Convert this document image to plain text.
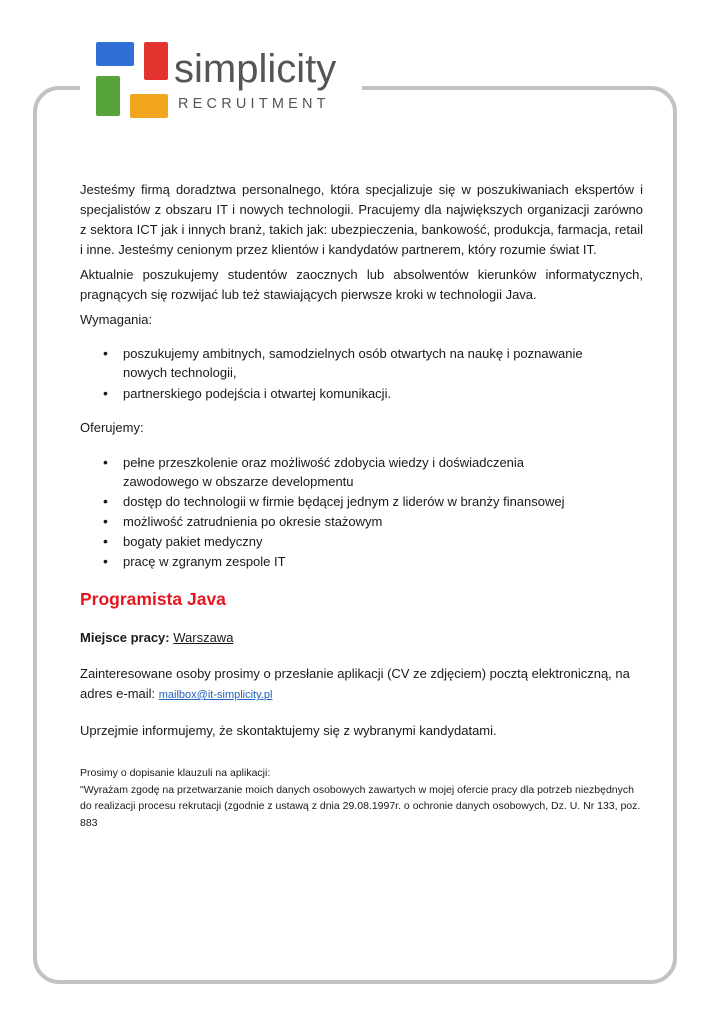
simplicity
RECRUITMENT

Jesteśmy firmą doradztwa personalnego, która specjalizuje się w poszukiwaniach ekspertów i specjalistów z obszaru IT i nowych technologii. Pracujemy dla największych organizacji zarówno z sektora ICT jak i innych branż, takich jak: ubezpieczenia, bankowość, produkcja, farmacja, retail i inne. Jesteśmy cenionym przez klientów i kandydatów partnerem, który rozumie świat IT.

Aktualnie poszukujemy studentów zaocznych lub absolwentów kierunków informatycznych, pragnących się rozwijać lub też stawiających pierwsze kroki w technologii Java.

Wymagania:

• poszukujemy ambitnych, samodzielnych osób otwartych na naukę i poznawanie nowych technologii,
• partnerskiego podejścia i otwartej komunikacji.

Oferujemy:

• pełne przeszkolenie oraz możliwość zdobycia wiedzy i doświadczenia zawodowego w obszarze developmentu
• dostęp do technologii w firmie będącej jednym z liderów w branży finansowej
• możliwość zatrudnienia po okresie stażowym
• bogaty pakiet medyczny
• pracę w zgranym zespole IT

Programista Java

Miejsce pracy: Warszawa

Zainteresowane osoby prosimy o przesłanie aplikacji (CV ze zdjęciem) pocztą elektroniczną, na adres e-mail: mailbox@it-simplicity.pl

Uprzejmie informujemy, że skontaktujemy się z wybranymi kandydatami.

Prosimy o dopisanie klauzuli na aplikacji:
"Wyrażam zgodę na przetwarzanie moich danych osobowych zawartych w mojej ofercie pracy dla potrzeb niezbędnych do realizacji procesu rekrutacji (zgodnie z ustawą z dnia 29.08.1997r. o ochronie danych osobowych, Dz. U. Nr 133, poz. 883
